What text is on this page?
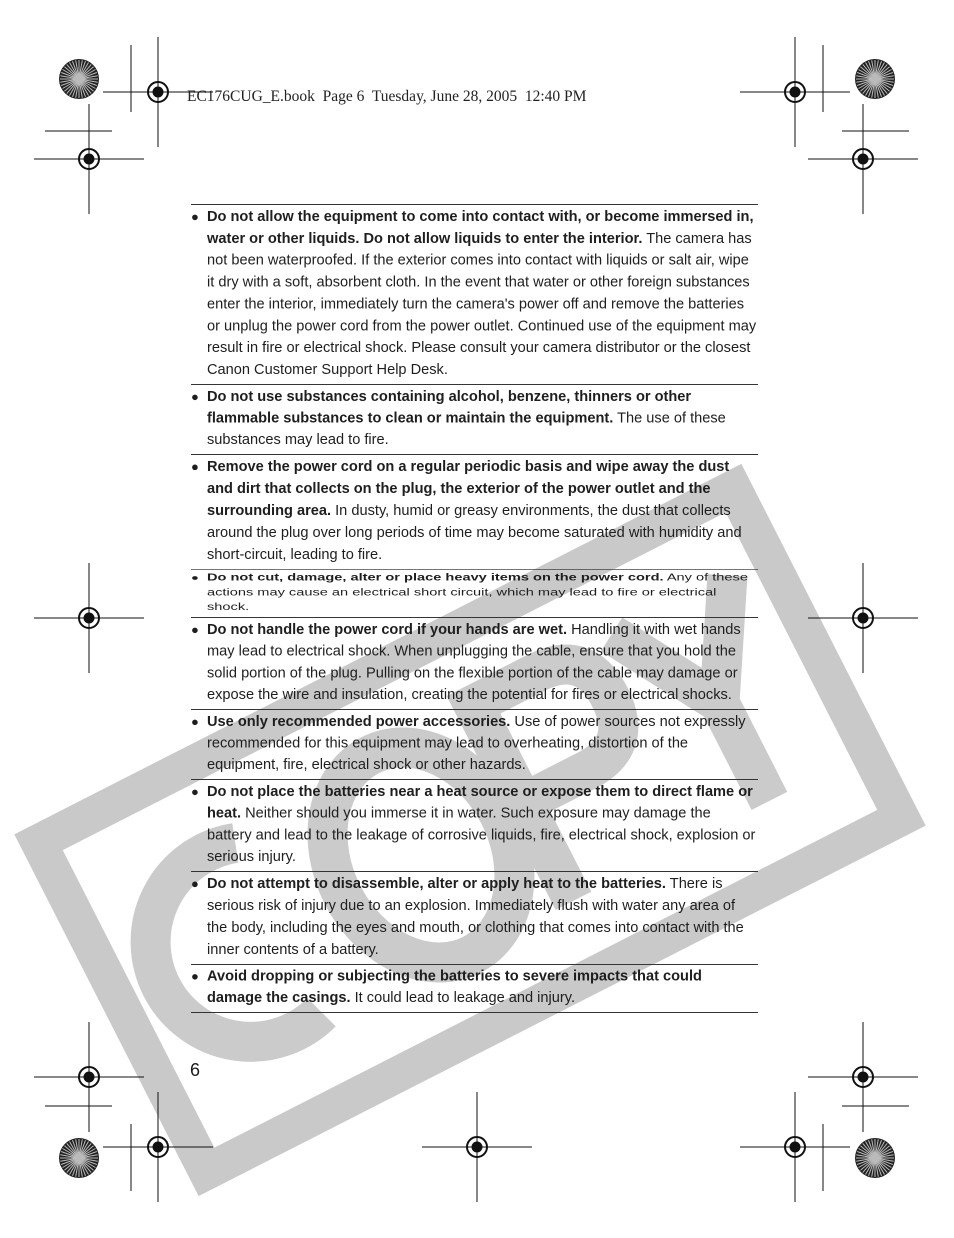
EC176CUG_E.book  Page 6  Tuesday, June 28, 2005  12:40 PM
● Do not allow the equipment to come into contact with, or become immersed in, water or other liquids. Do not allow liquids to enter the interior. The camera has not been waterproofed. If the exterior comes into contact with liquids or salt air, wipe it dry with a soft, absorbent cloth. In the event that water or other foreign substances enter the interior, immediately turn the camera's power off and remove the batteries or unplug the power cord from the power outlet. Continued use of the equipment may result in fire or electrical shock. Please consult your camera distributor or the closest Canon Customer Support Help Desk.

● Do not use substances containing alcohol, benzene, thinners or other flammable substances to clean or maintain the equipment. The use of these substances may lead to fire.

● Remove the power cord on a regular periodic basis and wipe away the dust and dirt that collects on the plug, the exterior of the power outlet and the surrounding area. In dusty, humid or greasy environments, the dust that collects around the plug over long periods of time may become saturated with humidity and short-circuit, leading to fire.

● Do not cut, damage, alter or place heavy items on the power cord. Any of these actions may cause an electrical short circuit, which may lead to fire or electrical shock.

● Do not handle the power cord if your hands are wet. Handling it with wet hands may lead to electrical shock. When unplugging the cable, ensure that you hold the solid portion of the plug. Pulling on the flexible portion of the cable may damage or expose the wire and insulation, creating the potential for fires or electrical shocks.

● Use only recommended power accessories. Use of power sources not expressly recommended for this equipment may lead to overheating, distortion of the equipment, fire, electrical shock or other hazards.

● Do not place the batteries near a heat source or expose them to direct flame or heat. Neither should you immerse it in water. Such exposure may damage the battery and lead to the leakage of corrosive liquids, fire, electrical shock, explosion or serious injury.

● Do not attempt to disassemble, alter or apply heat to the batteries. There is serious risk of injury due to an explosion. Immediately flush with water any area of the body, including the eyes and mouth, or clothing that comes into contact with the inner contents of a battery.

● Avoid dropping or subjecting the batteries to severe impacts that could damage the casings. It could lead to leakage and injury.

6
